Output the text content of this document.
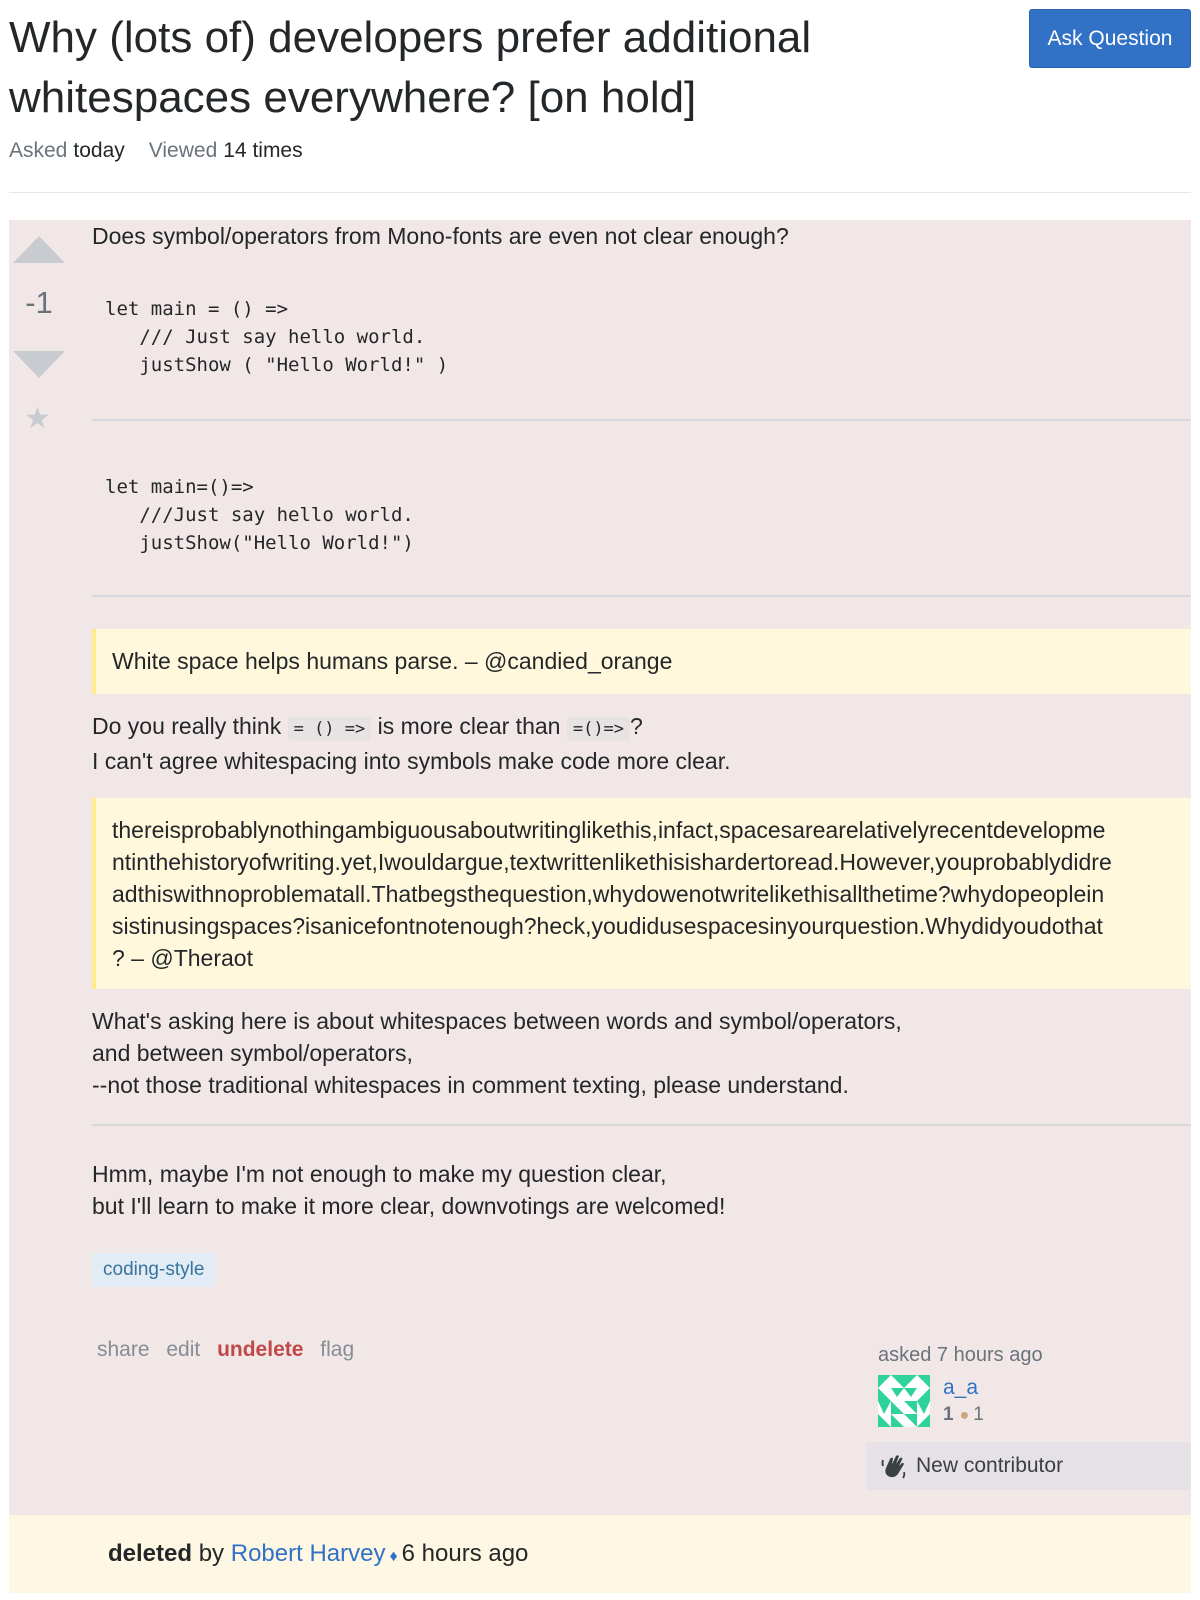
Why (lots of) developers prefer additional whitespaces everywhere? [on hold]
Ask Question
Asked today Viewed 14 times
-1
★

Does symbol/operators from Mono-fonts are even not clear enough?

let main = () =>
/// Just say hello world.
justShow ( "Hello World!" )
let main=()=>
///Just say hello world.
justShow("Hello World!")
White space helps humans parse. – @candied_orange

Do you really think = () => is more clear than =()=> ?
I can't agree whitespacing into symbols make code more clear.

thereisprobablynothingambiguousaboutwritinglikethis,infact,spacesarearelativelyrecentdevelopme
ntinthehistoryofwriting.yet,Iwouldargue,textwrittenlikethisishardertoread.However,youprobablydidre
adthiswithnoproblematall.Thatbegsthequestion,whydowenotwritelikethisallthetime?whydopeoplein
sistinusingspaces?isanicefontnotenough?heck,youdidusespacesinyourquestion.Whydidyoudothat
? – @Theraot
What's asking here is about whitespaces between words and symbol/operators,
and between symbol/operators,
--not those traditional whitespaces in comment texting, please understand.
Hmm, maybe I'm not enough to make my question clear,
but I'll learn to make it more clear, downvotings are welcomed!
coding-style
share edit undelete flag	asked 7 hours ago
a_a
1 ● 1
New contributor
deleted by Robert Harvey ♦ 6 hours ago
